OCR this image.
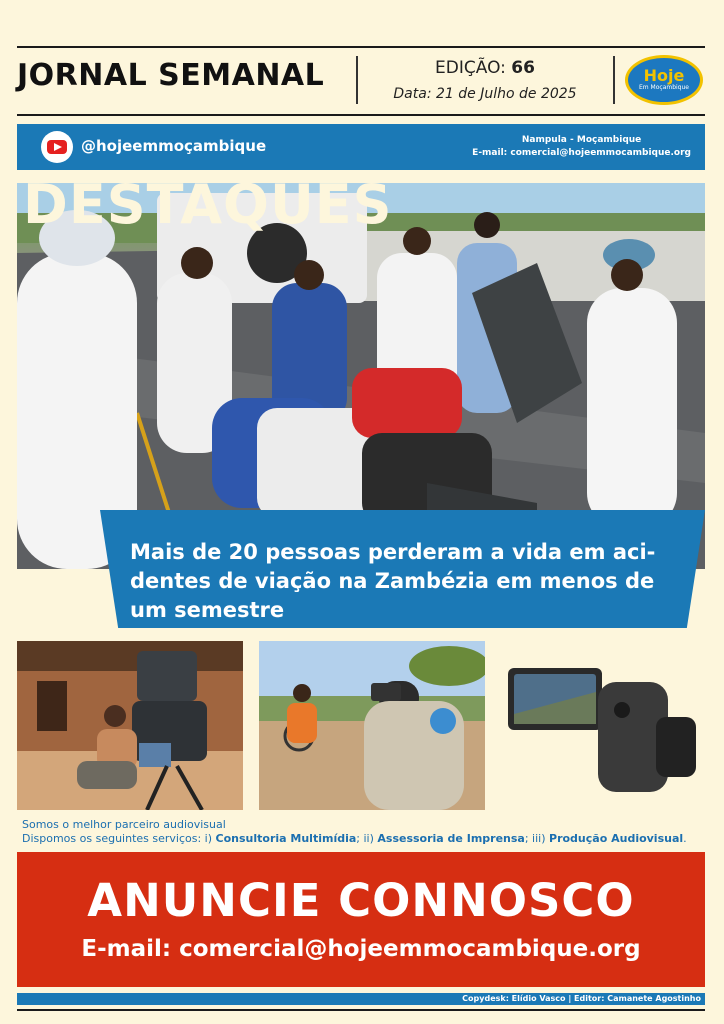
JORNAL SEMANAL	EDIÇÃO: 66
Data: 21 de Julho de 2025
Hoje
Em Moçambique
@hojeemmoçambique	Nampula - Moçambique
E-mail: comercial@hojeemmocambique.org
DESTAQUES
Mais de 20 pessoas perderam a vida em aci-dentes de viação na Zambézia em menos de um semestre
Somos o melhor parceiro audiovisual
Dispomos os seguintes serviços: i) Consultoria Multimídia; ii) Assessoria de Imprensa; iii) Produção Audiovisual.
ANUNCIE CONNOSCO
E-mail: comercial@hojeemmocambique.org
Copydesk: Elídio Vasco | Editor: Camanete Agostinho
